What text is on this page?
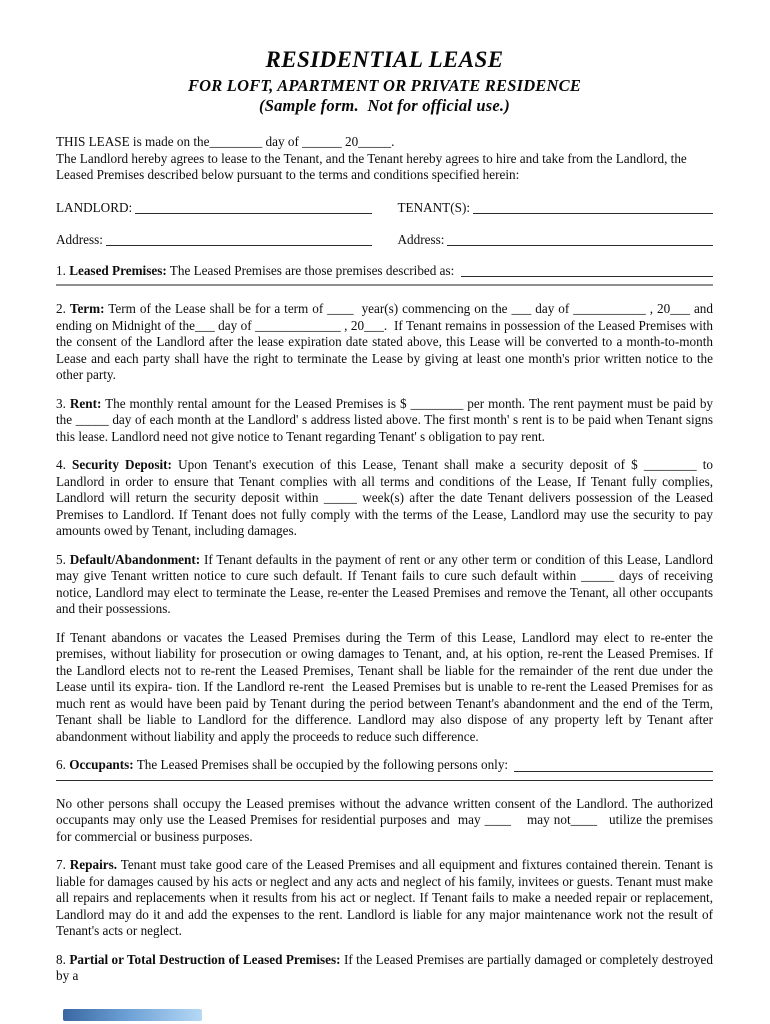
RESIDENTIAL LEASE
FOR LOFT, APARTMENT OR PRIVATE RESIDENCE
(Sample form.  Not for official use.)

THIS LEASE is made on the________ day of ______ 20_____.
The Landlord hereby agrees to lease to the Tenant, and the Tenant hereby agrees to hire and take from the Landlord, the Leased Premises described below pursuant to the terms and conditions specified herein:

LANDLORD:	TENANT(S):
Address:	Address:
1. Leased Premises: The Leased Premises are those premises described as:

2. Term: Term of the Lease shall be for a term of ____  year(s) commencing on the ___ day of ___________ , 20___ and ending on Midnight of the___ day of _____________ , 20___.  If Tenant remains in possession of the Leased Premises with the consent of the Landlord after the lease expiration date stated above, this Lease will be converted to a month-to-month Lease and each party shall have the right to terminate the Lease by giving at least one month's prior written notice to the other party.

3. Rent: The monthly rental amount for the Leased Premises is $ ________ per month. The rent payment must be paid by the _____ day of each month at the Landlord' s address listed above. The first month' s rent is to be paid when Tenant signs this lease. Landlord need not give notice to Tenant regarding Tenant' s obligation to pay rent.

4. Security Deposit: Upon Tenant's execution of this Lease, Tenant shall make a security deposit of $ ________ to Landlord in order to ensure that Tenant complies with all terms and conditions of the Lease, If Tenant fully complies, Landlord will return the security deposit within _____ week(s) after the date Tenant delivers possession of the Leased Premises to Landlord. If Tenant does not fully comply with the terms of the Lease, Landlord may use the security to pay amounts owed by Tenant, including damages.

5. Default/Abandonment: If Tenant defaults in the payment of rent or any other term or condition of this Lease, Landlord may give Tenant written notice to cure such default. If Tenant fails to cure such default within _____ days of receiving notice, Landlord may elect to terminate the Lease, re-enter the Leased Premises and remove the Tenant, all other occupants and their possessions.

If Tenant abandons or vacates the Leased Premises during the Term of this Lease, Landlord may elect to re-enter the premises, without liability for prosecution or owing damages to Tenant, and, at his option, re-rent the Leased Premises. If the Landlord elects not to re-rent the Leased Premises, Tenant shall be liable for the remainder of the rent due under the Lease until its expira- tion. If the Landlord re-rent  the Leased Premises but is unable to re-rent the Leased Premises for as much rent as would have been paid by Tenant during the period between Tenant's abandonment and the end of the Term, Tenant shall be liable to Landlord for the difference. Landlord may also dispose of any property left by Tenant after abandonment without liability and apply the proceeds to reduce such difference.

6. Occupants: The Leased Premises shall be occupied by the following persons only:

No other persons shall occupy the Leased premises without the advance written consent of the Landlord. The authorized occupants may only use the Leased Premises for residential purposes and  may ____    may not____   utilize the premises for commercial or business purposes.

7. Repairs. Tenant must take good care of the Leased Premises and all equipment and fixtures contained therein. Tenant is liable for damages caused by his acts or neglect and any acts and neglect of his family, invitees or guests. Tenant must make all repairs and replacements when it results from his act or neglect. If Tenant fails to make a needed repair or replacement, Landlord may do it and add the expenses to the rent. Landlord is liable for any major maintenance work not the result of Tenant's acts or neglect.

8. Partial or Total Destruction of Leased Premises: If the Leased Premises are partially damaged or completely destroyed by a
